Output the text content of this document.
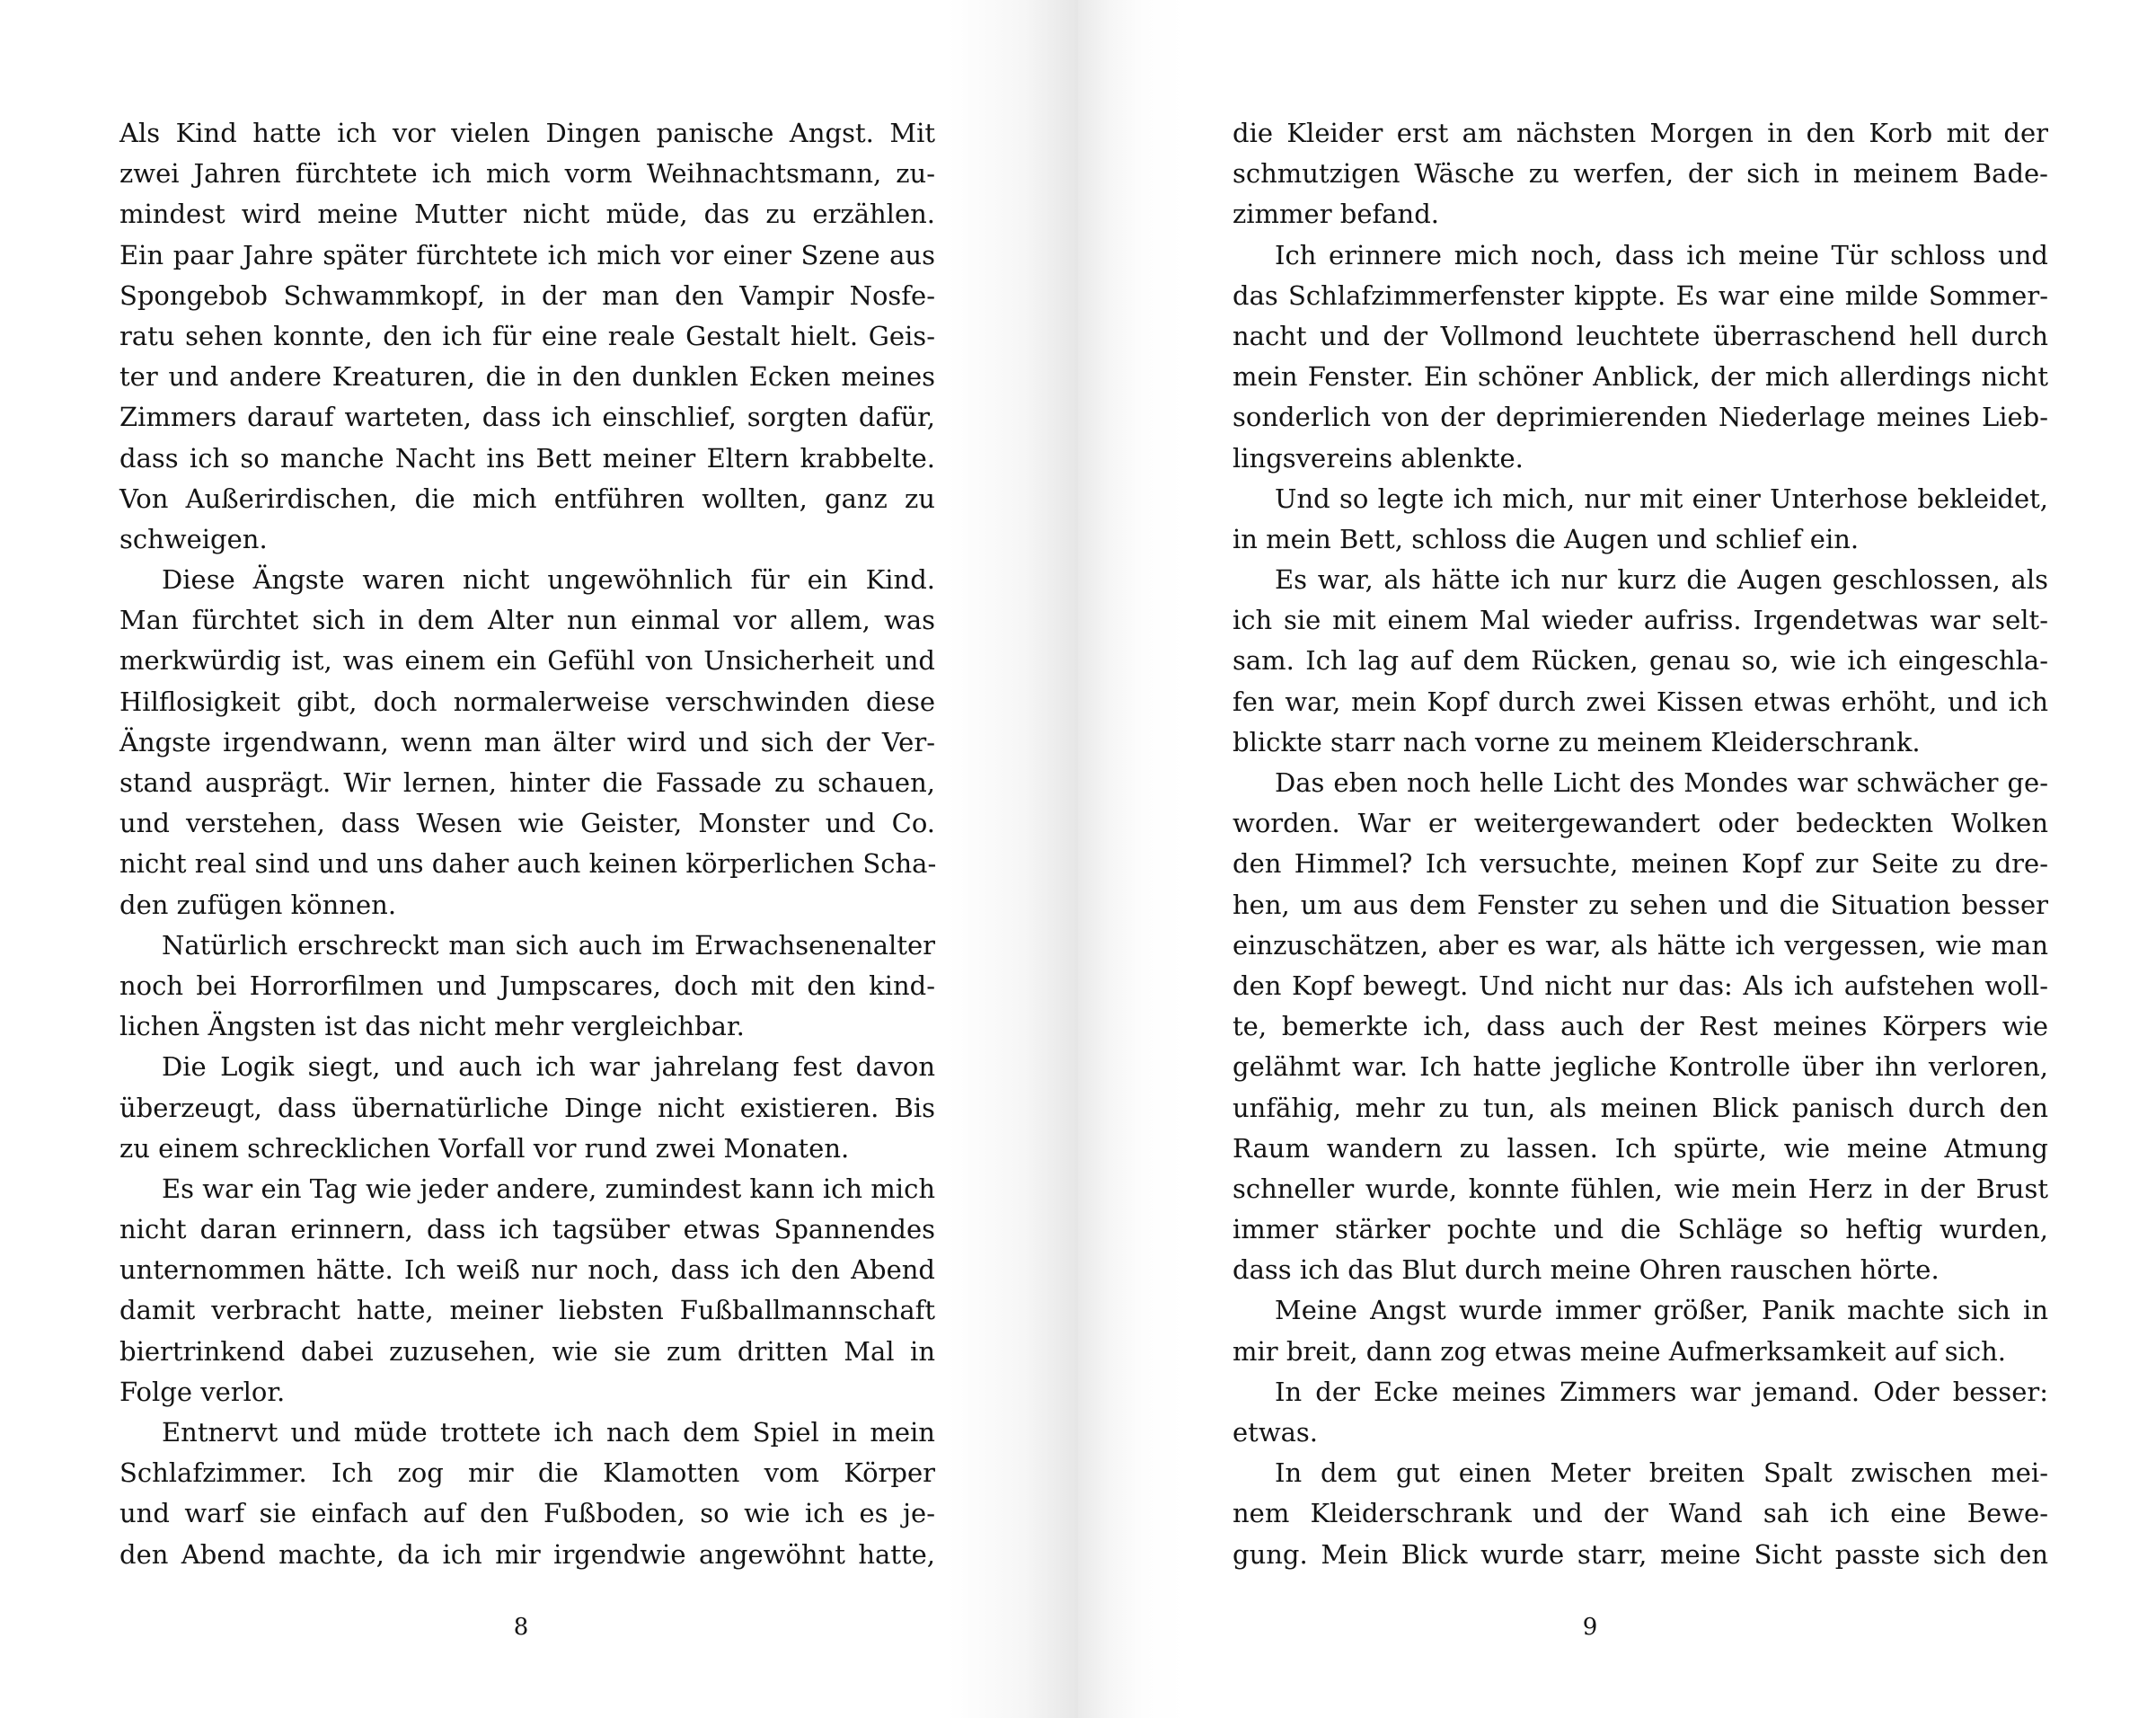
Als Kind hatte ich vor vielen Dingen panische Angst. Mit
zwei Jahren fürchtete ich mich vorm Weihnachtsmann, zu-
mindest wird meine Mutter nicht müde, das zu erzählen.
Ein paar Jahre später fürchtete ich mich vor einer Szene aus
Spongebob Schwammkopf, in der man den Vampir Nosfe-
ratu sehen konnte, den ich für eine reale Gestalt hielt. Geis-
ter und andere Kreaturen, die in den dunklen Ecken meines
Zimmers darauf warteten, dass ich einschlief, sorgten dafür,
dass ich so manche Nacht ins Bett meiner Eltern krabbelte.
Von Außerirdischen, die mich entführen wollten, ganz zu
schweigen.
Diese Ängste waren nicht ungewöhnlich für ein Kind.
Man fürchtet sich in dem Alter nun einmal vor allem, was
merkwürdig ist, was einem ein Gefühl von Unsicherheit und
Hilflosigkeit gibt, doch normalerweise verschwinden diese
Ängste irgendwann, wenn man älter wird und sich der Ver-
stand ausprägt. Wir lernen, hinter die Fassade zu schauen,
und verstehen, dass Wesen wie Geister, Monster und Co.
nicht real sind und uns daher auch keinen körperlichen Scha-
den zufügen können.
Natürlich erschreckt man sich auch im Erwachsenenalter
noch bei Horrorfilmen und Jumpscares, doch mit den kind-
lichen Ängsten ist das nicht mehr vergleichbar.
Die Logik siegt, und auch ich war jahrelang fest davon
überzeugt, dass übernatürliche Dinge nicht existieren. Bis
zu einem schrecklichen Vorfall vor rund zwei Monaten.
Es war ein Tag wie jeder andere, zumindest kann ich mich
nicht daran erinnern, dass ich tagsüber etwas Spannendes
unternommen hätte. Ich weiß nur noch, dass ich den Abend
damit verbracht hatte, meiner liebsten Fußballmannschaft
biertrinkend dabei zuzusehen, wie sie zum dritten Mal in
Folge verlor.
Entnervt und müde trottete ich nach dem Spiel in mein
Schlafzimmer. Ich zog mir die Klamotten vom Körper
und warf sie einfach auf den Fußboden, so wie ich es je-
den Abend machte, da ich mir irgendwie angewöhnt hatte,
8
die Kleider erst am nächsten Morgen in den Korb mit der
schmutzigen Wäsche zu werfen, der sich in meinem Bade-
zimmer befand.
Ich erinnere mich noch, dass ich meine Tür schloss und
das Schlafzimmerfenster kippte. Es war eine milde Sommer-
nacht und der Vollmond leuchtete überraschend hell durch
mein Fenster. Ein schöner Anblick, der mich allerdings nicht
sonderlich von der deprimierenden Niederlage meines Lieb-
lingsvereins ablenkte.
Und so legte ich mich, nur mit einer Unterhose bekleidet,
in mein Bett, schloss die Augen und schlief ein.
Es war, als hätte ich nur kurz die Augen geschlossen, als
ich sie mit einem Mal wieder aufriss. Irgendetwas war selt-
sam. Ich lag auf dem Rücken, genau so, wie ich eingeschla-
fen war, mein Kopf durch zwei Kissen etwas erhöht, und ich
blickte starr nach vorne zu meinem Kleiderschrank.
Das eben noch helle Licht des Mondes war schwächer ge-
worden. War er weitergewandert oder bedeckten Wolken
den Himmel? Ich versuchte, meinen Kopf zur Seite zu dre-
hen, um aus dem Fenster zu sehen und die Situation besser
einzuschätzen, aber es war, als hätte ich vergessen, wie man
den Kopf bewegt. Und nicht nur das: Als ich aufstehen woll-
te, bemerkte ich, dass auch der Rest meines Körpers wie
gelähmt war. Ich hatte jegliche Kontrolle über ihn verloren,
unfähig, mehr zu tun, als meinen Blick panisch durch den
Raum wandern zu lassen. Ich spürte, wie meine Atmung
schneller wurde, konnte fühlen, wie mein Herz in der Brust
immer stärker pochte und die Schläge so heftig wurden,
dass ich das Blut durch meine Ohren rauschen hörte.
Meine Angst wurde immer größer, Panik machte sich in
mir breit, dann zog etwas meine Aufmerksamkeit auf sich.
In der Ecke meines Zimmers war jemand. Oder besser:
etwas.
In dem gut einen Meter breiten Spalt zwischen mei-
nem Kleiderschrank und der Wand sah ich eine Bewe-
gung. Mein Blick wurde starr, meine Sicht passte sich den
9
